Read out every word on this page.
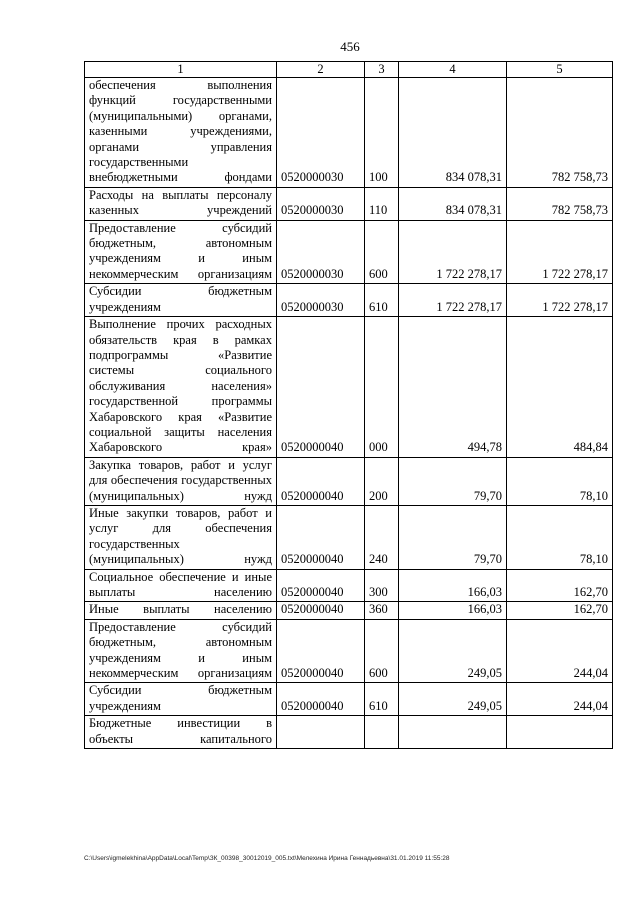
456
1	2	3	4	5
обеспечения выполнения функций государственными (муниципальными) органами, казенными учреждениями, органами управления государственными внебюджетными фондами	0520000030	100	834 078,31	782 758,73
Расходы на выплаты персоналу казенных учреждений	0520000030	110	834 078,31	782 758,73
Предоставление субсидий бюджетным, автономным учреждениям и иным некоммерческим организациям	0520000030	600	1 722 278,17	1 722 278,17
Субсидии бюджетным учреждениям	0520000030	610	1 722 278,17	1 722 278,17
Выполнение прочих расходных обязательств края в рамках подпрограммы «Развитие системы социального обслуживания населения» государственной программы Хабаровского края «Развитие социальной защиты населения Хабаровского края»	0520000040	000	494,78	484,84
Закупка товаров, работ и услуг для обеспечения государственных (муниципальных) нужд	0520000040	200	79,70	78,10
Иные закупки товаров, работ и услуг для обеспечения государственных (муниципальных) нужд	0520000040	240	79,70	78,10
Социальное обеспечение и иные выплаты населению	0520000040	300	166,03	162,70
Иные выплаты населению	0520000040	360	166,03	162,70
Предоставление субсидий бюджетным, автономным учреждениям и иным некоммерческим организациям	0520000040	600	249,05	244,04
Субсидии бюджетным учреждениям	0520000040	610	249,05	244,04
Бюджетные инвестиции в объекты капитального				
C:\Users\igmelekhina\AppData\Local\Temp\ЗК_00398_30012019_005.txt\Мелехина Ирина Геннадьевна\31.01.2019 11:55:28
